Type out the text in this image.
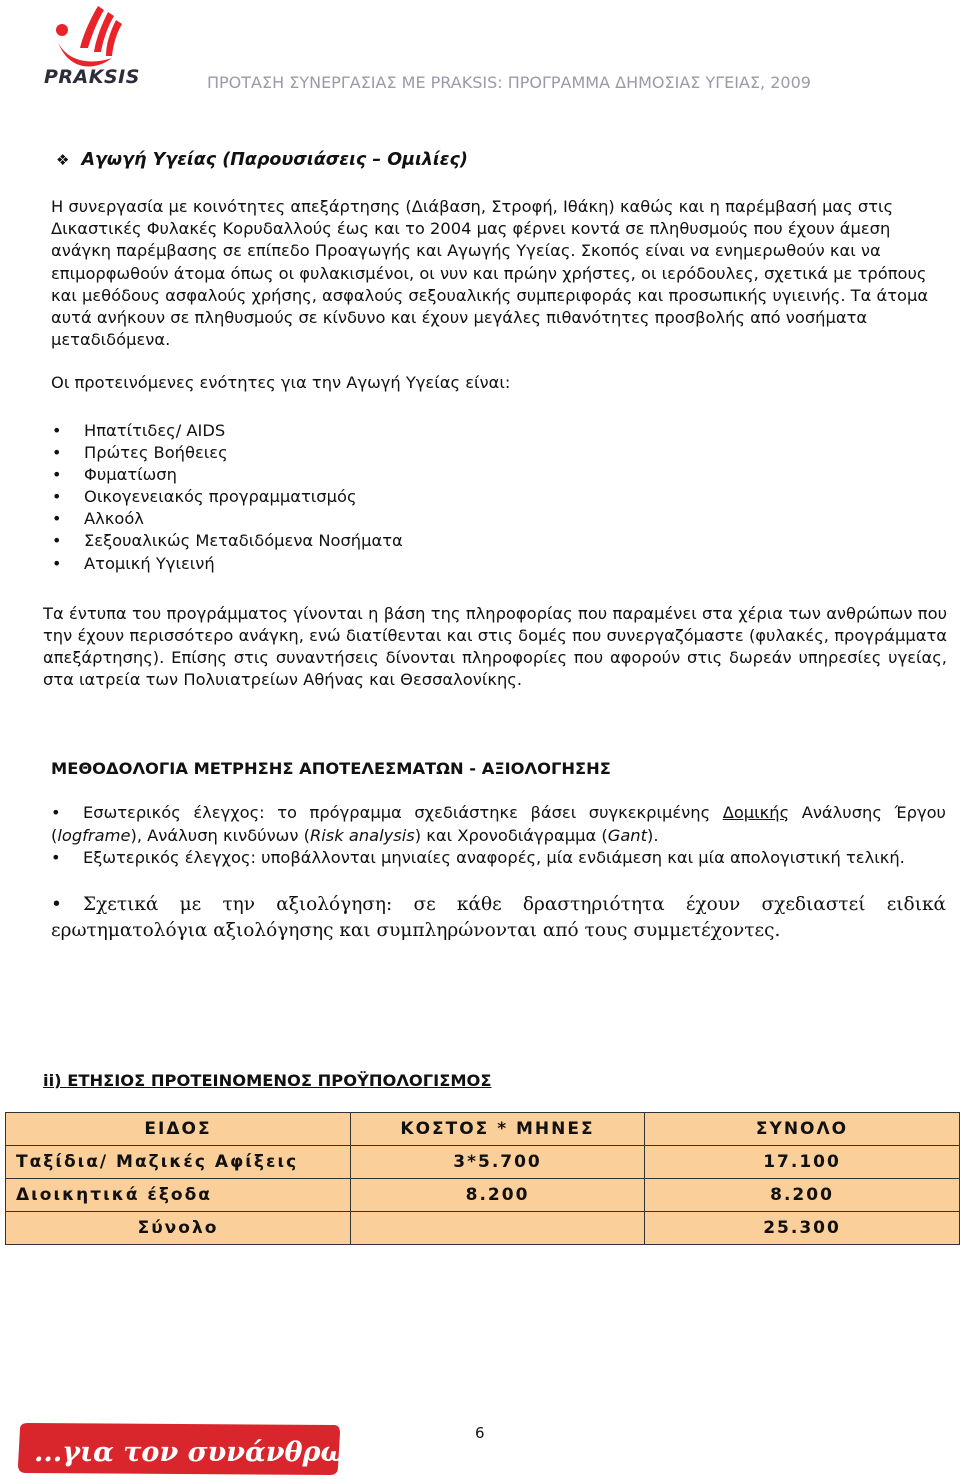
PRAKSIS	ΠΡΟΤΑΣΗ ΣΥΝΕΡΓΑΣΙΑΣ ΜΕ PRAKSIS: ΠΡΟΓΡΑΜΜΑ ΔΗΜΟΣΙΑΣ ΥΓΕΙΑΣ, 2009
❖ Αγωγή Υγείας (Παρουσιάσεις – Ομιλίες)
Η συνεργασία με κοινότητες απεξάρτησης (Διάβαση, Στροφή, Ιθάκη) καθώς και η παρέμβασή μας στις Δικαστικές Φυλακές Κορυδαλλούς έως και το 2004 μας φέρνει κοντά σε πληθυσμούς που έχουν άμεση ανάγκη παρέμβασης σε επίπεδο Προαγωγής και Αγωγής Υγείας. Σκοπός είναι να ενημερωθούν και να επιμορφωθούν άτομα όπως οι φυλακισμένοι, οι νυν και πρώην χρήστες, οι ιερόδουλες, σχετικά με τρόπους και μεθόδους ασφαλούς χρήσης, ασφαλούς σεξουαλικής συμπεριφοράς και προσωπικής υγιεινής. Τα άτομα αυτά ανήκουν σε πληθυσμούς σε κίνδυνο και έχουν μεγάλες πιθανότητες προσβολής από νοσήματα μεταδιδόμενα.
Οι προτεινόμενες ενότητες για την Αγωγή Υγείας είναι:
• Ηπατίτιδες/ AIDS
• Πρώτες Βοήθειες
• Φυματίωση
• Οικογενειακός προγραμματισμός
• Αλκοόλ
• Σεξουαλικώς Μεταδιδόμενα Νοσήματα
• Ατομική Υγιεινή
Τα έντυπα του προγράμματος γίνονται η βάση της πληροφορίας που παραμένει στα χέρια των ανθρώπων που την έχουν περισσότερο ανάγκη, ενώ διατίθενται και στις δομές που συνεργαζόμαστε (φυλακές, προγράμματα απεξάρτησης). Επίσης στις συναντήσεις δίνονται πληροφορίες που αφορούν στις δωρεάν υπηρεσίες υγείας, στα ιατρεία των Πολυιατρείων Αθήνας και Θεσσαλονίκης.
ΜΕΘΟΔΟΛΟΓΙΑ ΜΕΤΡΗΣΗΣ ΑΠΟΤΕΛΕΣΜΑΤΩΝ - ΑΞΙΟΛΟΓΗΣΗΣ
• Εσωτερικός έλεγχος: το πρόγραμμα σχεδιάστηκε βάσει συγκεκριμένης Δομικής Ανάλυσης Έργου (logframe), Ανάλυση κινδύνων (Risk analysis) και Χρονοδιάγραμμα (Gant).
• Εξωτερικός έλεγχος: υποβάλλονται μηνιαίες αναφορές, μία ενδιάμεση και μία απολογιστική τελική.
• Σχετικά με την αξιολόγηση: σε κάθε δραστηριότητα έχουν σχεδιαστεί ειδικά ερωτηματολόγια αξιολόγησης και συμπληρώνονται από τους συμμετέχοντες.
ii) ΕΤΗΣΙΟΣ ΠΡΟΤΕΙΝΟΜΕΝΟΣ ΠΡΟΫΠΟΛΟΓΙΣΜΟΣ
ΕΙΔΟΣ	ΚΟΣΤΟΣ * ΜΗΝΕΣ	ΣΥΝΟΛΟ
Ταξίδια/ Μαζικές Αφίξεις	3*5.700	17.100
Διοικητικά έξοδα	8.200	8.200
Σύνολο		25.300
6
...για τον συνάνθρωπο!
